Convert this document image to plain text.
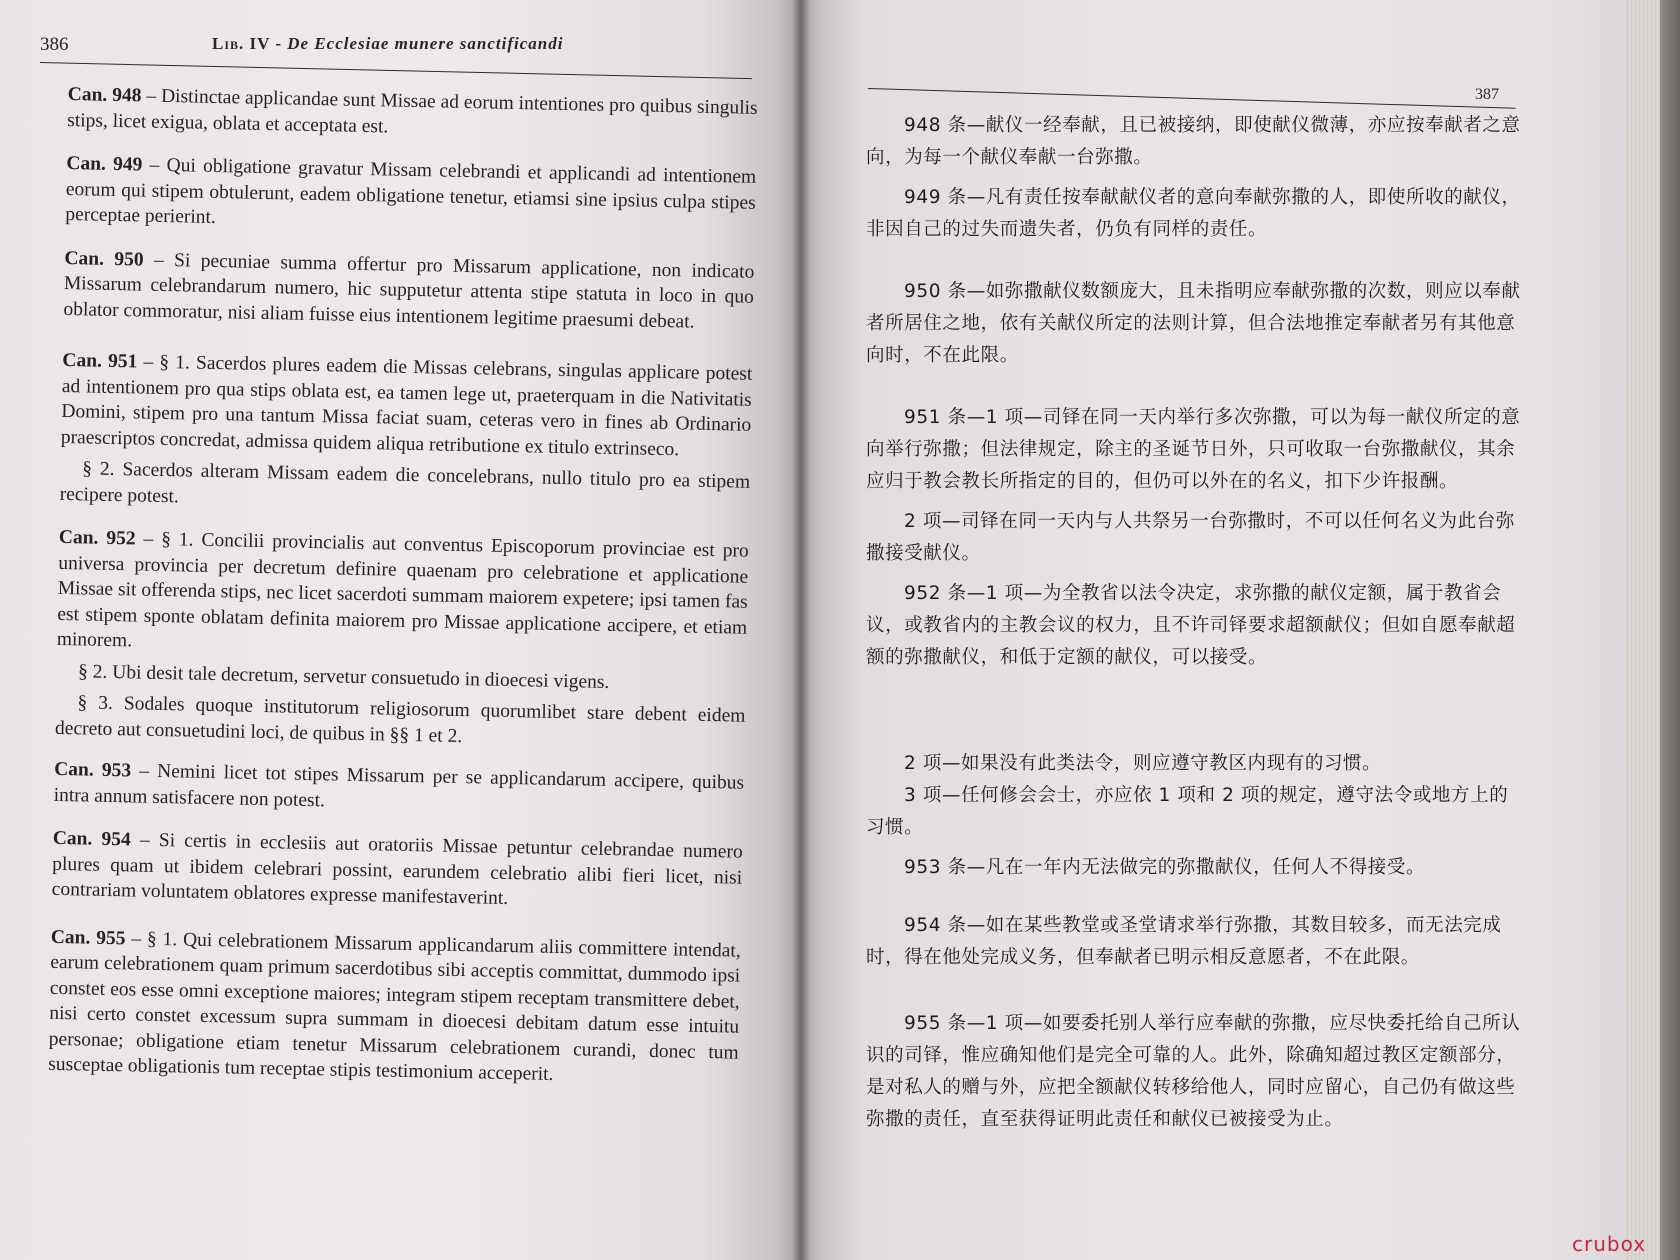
386	Lib. IV - De Ecclesiae munere sanctificandi

Can. 948 – Distinctae applicandae sunt Missae ad eorum intentiones pro quibus singulis stips, licet exigua, oblata et acceptata est.

Can. 949 – Qui obligatione gravatur Missam celebrandi et applicandi ad intentionem eorum qui stipem obtulerunt, eadem obligatione tenetur, etiamsi sine ipsius culpa stipes perceptae perierint.

Can. 950 – Si pecuniae summa offertur pro Missarum applicatione, non indicato Missarum celebrandarum numero, hic supputetur attenta stipe statuta in loco in quo oblator commoratur, nisi aliam fuisse eius intentionem legitime praesumi debeat.

Can. 951 – § 1. Sacerdos plures eadem die Missas celebrans, singulas applicare potest ad intentionem pro qua stips oblata est, ea tamen lege ut, praeterquam in die Nativitatis Domini, stipem pro una tantum Missa faciat suam, ceteras vero in fines ab Ordinario praescriptos concredat, admissa quidem aliqua retributione ex titulo extrinseco.

§ 2. Sacerdos alteram Missam eadem die concelebrans, nullo titulo pro ea stipem recipere potest.

Can. 952 – § 1. Concilii provincialis aut conventus Episcoporum provinciae est pro universa provincia per decretum definire quaenam pro celebratione et applicatione Missae sit offerenda stips, nec licet sacerdoti summam maiorem expetere; ipsi tamen fas est stipem sponte oblatam definita maiorem pro Missae applicatione accipere, et etiam minorem.

§ 2. Ubi desit tale decretum, servetur consuetudo in dioecesi vigens.

§ 3. Sodales quoque institutorum religiosorum quorumlibet stare debent eidem decreto aut consuetudini loci, de quibus in §§ 1 et 2.

Can. 953 – Nemini licet tot stipes Missarum per se applicandarum accipere, quibus intra annum satisfacere non potest.

Can. 954 – Si certis in ecclesiis aut oratoriis Missae petuntur celebrandae numero plures quam ut ibidem celebrari possint, earundem celebratio alibi fieri licet, nisi contrariam voluntatem oblatores expresse manifestaverint.

Can. 955 – § 1. Qui celebrationem Missarum applicandarum aliis committere intendat, earum celebrationem quam primum sacerdotibus sibi acceptis committat, dummodo ipsi constet eos esse omni exceptione maiores; integram stipem receptam transmittere debet, nisi certo constet excessum supra summam in dioecesi debitam datum esse intuitu personae; obligatione etiam tenetur Missarum celebrationem curandi, donec tum susceptae obligationis tum receptae stipis testimonium acceperit.

387

948 条—献仪一经奉献，且已被接纳，即使献仪微薄，亦应按奉献者之意向，为每一个献仪奉献一台弥撒。

949 条—凡有责任按奉献献仪者的意向奉献弥撒的人，即使所收的献仪，非因自己的过失而遗失者，仍负有同样的责任。

950 条—如弥撒献仪数额庞大，且未指明应奉献弥撒的次数，则应以奉献者所居住之地，依有关献仪所定的法则计算，但合法地推定奉献者另有其他意向时，不在此限。

951 条—1 项—司铎在同一天内举行多次弥撒，可以为每一献仪所定的意向举行弥撒；但法律规定，除主的圣诞节日外，只可收取一台弥撒献仪，其余应归于教会教长所指定的目的，但仍可以外在的名义，扣下少许报酬。

2 项—司铎在同一天内与人共祭另一台弥撒时，不可以任何名义为此台弥撒接受献仪。

952 条—1 项—为全教省以法令决定，求弥撒的献仪定额，属于教省会议，或教省内的主教会议的权力，且不许司铎要求超额献仪；但如自愿奉献超额的弥撒献仪，和低于定额的献仪，可以接受。

2 项—如果没有此类法令，则应遵守教区内现有的习惯。

3 项—任何修会会士，亦应依 1 项和 2 项的规定，遵守法令或地方上的习惯。

953 条—凡在一年内无法做完的弥撒献仪，任何人不得接受。

954 条—如在某些教堂或圣堂请求举行弥撒，其数目较多，而无法完成时，得在他处完成义务，但奉献者已明示相反意愿者，不在此限。

955 条—1 项—如要委托别人举行应奉献的弥撒，应尽快委托给自己所认识的司铎，惟应确知他们是完全可靠的人。此外，除确知超过教区定额部分，是对私人的赠与外，应把全额献仪转移给他人，同时应留心，自己仍有做这些弥撒的责任，直至获得证明此责任和献仪已被接受为止。

crubox
